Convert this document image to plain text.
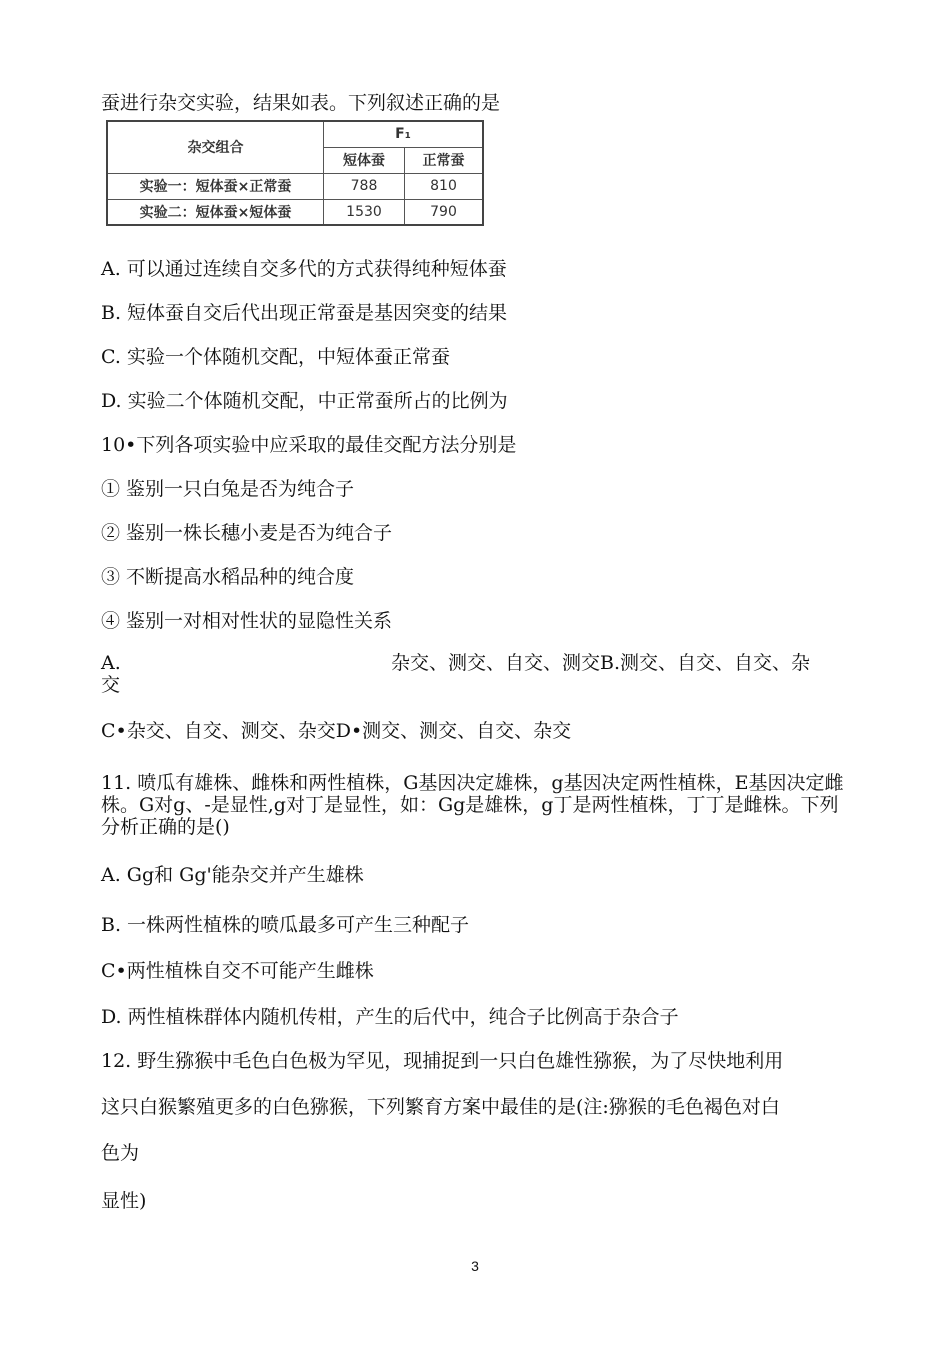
蚕进行杂交实验，结果如表。下列叙述正确的是
杂交组合	F₁	
	短体蚕	正常蚕
实验一：短体蚕×正常蚕	788	810
实验二：短体蚕×短体蚕	1530	790
A. 可以通过连续自交多代的方式获得纯种短体蚕
B. 短体蚕自交后代出现正常蚕是基因突变的结果
C. 实验一个体随机交配，中短体蚕正常蚕
D. 实验二个体随机交配，中正常蚕所占的比例为
10•下列各项实验中应采取的最佳交配方法分别是
① 鉴别一只白兔是否为纯合子
② 鉴别一株长穗小麦是否为纯合子
③ 不断提高水稻品种的纯合度
④ 鉴别一对相对性状的显隐性关系
A.	杂交、测交、自交、测交B.测交、自交、自交、杂
交
C•杂交、自交、测交、杂交D•测交、测交、自交、杂交
11. 喷瓜有雄株、雌株和两性植株，G基因决定雄株，g基因决定两性植株，E基因决定雌株。G对g、-是显性,g对丁是显性，如：Gg是雄株，g丁是两性植株，丁丁是雌株。下列分析正确的是()
A. Gg和 Gg'能杂交并产生雄株
B. 一株两性植株的喷瓜最多可产生三种配子
C•两性植株自交不可能产生雌株
D. 两性植株群体内随机传柑，产生的后代中，纯合子比例高于杂合子
12. 野生猕猴中毛色白色极为罕见，现捕捉到一只白色雄性猕猴，为了尽快地利用
这只白猴繁殖更多的白色猕猴，下列繁育方案中最佳的是(注:猕猴的毛色褐色对白
色为
显性)
3
